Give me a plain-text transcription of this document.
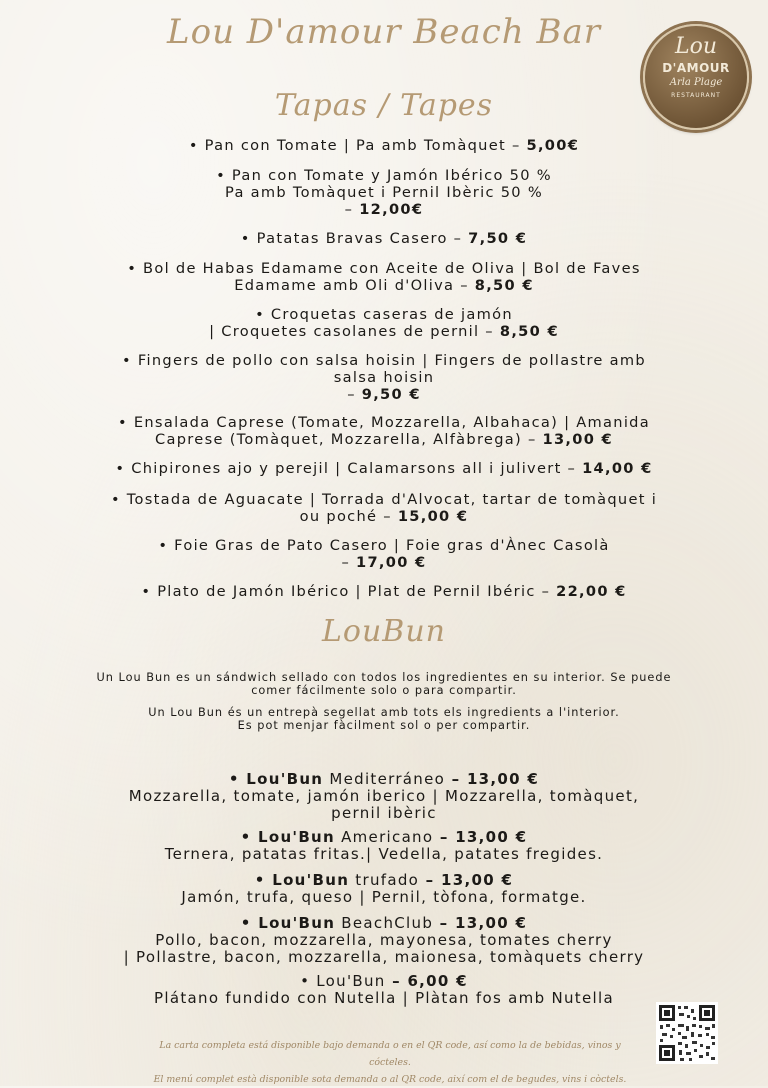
Lou D'amour Beach Bar	Lou
D'AMOUR
Arla Plage
RESTAURANT
Tapas / Tapes
• Pan con Tomate | Pa amb Tomàquet – 5,00€
• Pan con Tomate y Jamón Ibérico 50 %
Pa amb Tomàquet i Pernil Ibèric 50 %
– 12,00€
• Patatas Bravas Casero – 7,50 €
• Bol de Habas Edamame con Aceite de Oliva | Bol de Faves
Edamame amb Oli d'Oliva – 8,50 €
• Croquetas caseras de jamón
| Croquetes casolanes de pernil – 8,50 €
• Fingers de pollo con salsa hoisin | Fingers de pollastre amb
salsa hoisin
– 9,50 €
• Ensalada Caprese (Tomate, Mozzarella, Albahaca) | Amanida
Caprese (Tomàquet, Mozzarella, Alfàbrega) – 13,00 €
• Chipirones ajo y perejil | Calamarsons all i julivert – 14,00 €
• Tostada de Aguacate | Torrada d'Alvocat, tartar de tomàquet i
ou poché – 15,00 €
• Foie Gras de Pato Casero | Foie gras d'Ànec Casolà
– 17,00 €
• Plato de Jamón Ibérico | Plat de Pernil Ibéric – 22,00 €
LouBun
Un Lou Bun es un sándwich sellado con todos los ingredientes en su interior. Se puede
comer fácilmente solo o para compartir.
Un Lou Bun és un entrepà segellat amb tots els ingredients a l'interior.
Es pot menjar fàcilment sol o per compartir.
• Lou'Bun Mediterráneo – 13,00 €
Mozzarella, tomate, jamón iberico | Mozzarella, tomàquet,
pernil ibèric
• Lou'Bun Americano – 13,00 €
Ternera, patatas fritas.| Vedella, patates fregides.
• Lou'Bun trufado – 13,00 €
Jamón, trufa, queso | Pernil, tòfona, formatge.
• Lou'Bun BeachClub – 13,00 €
Pollo, bacon, mozzarella, mayonesa, tomates cherry
| Pollastre, bacon, mozzarella, maionesa, tomàquets cherry
• Lou'Bun – 6,00 €
Plátano fundido con Nutella | Plàtan fos amb Nutella
La carta completa está disponible bajo demanda o en el QR code, así como la de bebidas, vinos y cócteles.
El menú complet està disponible sota demanda o al QR code, així com el de begudes, vins i còctels.
